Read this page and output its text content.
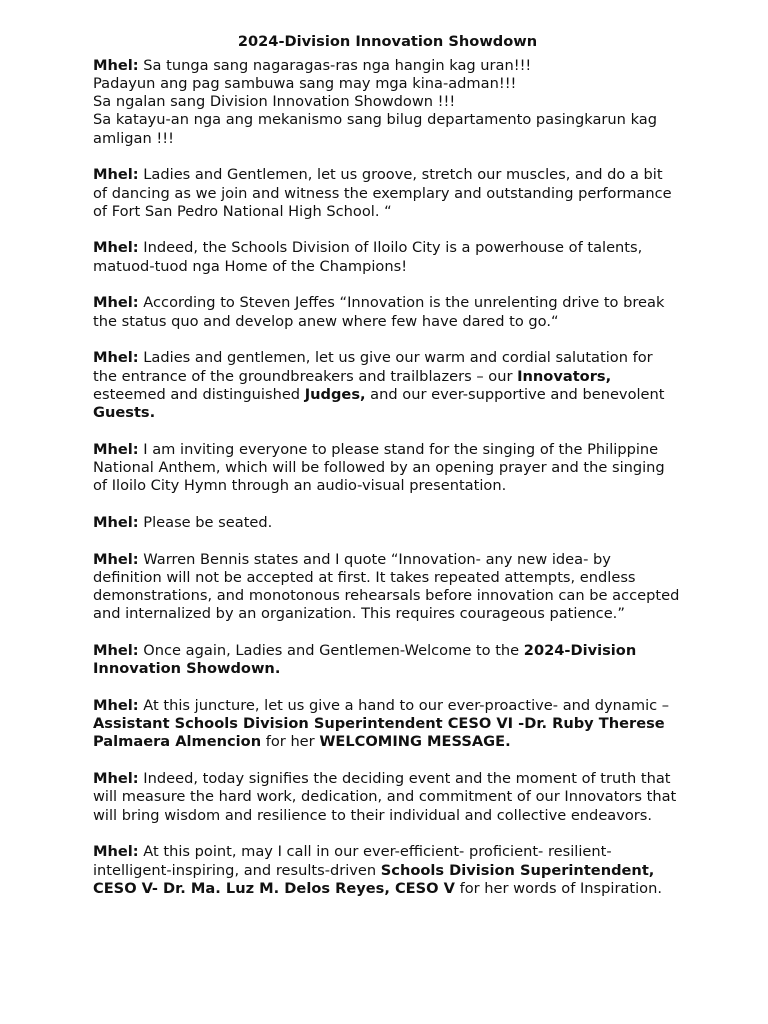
2024-Division Innovation Showdown

Mhel: Sa tunga sang nagaragas-ras nga hangin kag uran!!!
Padayun ang pag sambuwa sang may mga kina-adman!!!
Sa ngalan sang Division Innovation Showdown !!!
Sa katayu-an nga ang mekanismo sang bilug departamento pasingkarun kag amligan !!!

Mhel: Ladies and Gentlemen, let us groove, stretch our muscles, and do a bit of dancing as we join and witness the exemplary and outstanding performance of Fort San Pedro National High School. “

Mhel: Indeed, the Schools Division of Iloilo City is a powerhouse of talents, matuod-tuod nga Home of the Champions!

Mhel: According to Steven Jeffes “Innovation is the unrelenting drive to break the status quo and develop anew where few have dared to go.“

Mhel: Ladies and gentlemen, let us give our warm and cordial salutation for the entrance of the groundbreakers and trailblazers – our Innovators, esteemed and distinguished Judges, and our ever-supportive and benevolent Guests.

Mhel: I am inviting everyone to please stand for the singing of the Philippine National Anthem, which will be followed by an opening prayer and the singing of Iloilo City Hymn through an audio-visual presentation.

Mhel: Please be seated.

Mhel: Warren Bennis states and I quote “Innovation- any new idea- by definition will not be accepted at first. It takes repeated attempts, endless demonstrations, and monotonous rehearsals before innovation can be accepted and internalized by an organization. This requires courageous patience.”

Mhel: Once again, Ladies and Gentlemen-Welcome to the 2024-Division Innovation Showdown.

Mhel: At this juncture, let us give a hand to our ever-proactive- and dynamic –Assistant Schools Division Superintendent CESO VI -Dr. Ruby Therese Palmaera Almencion for her WELCOMING MESSAGE.

Mhel: Indeed, today signifies the deciding event and the moment of truth that will measure the hard work, dedication, and commitment of our Innovators that will bring wisdom and resilience to their individual and collective endeavors.

Mhel: At this point, may I call in our ever-efficient- proficient- resilient-intelligent-inspiring, and results-driven Schools Division Superintendent, CESO V- Dr. Ma. Luz M. Delos Reyes, CESO V for her words of Inspiration.
